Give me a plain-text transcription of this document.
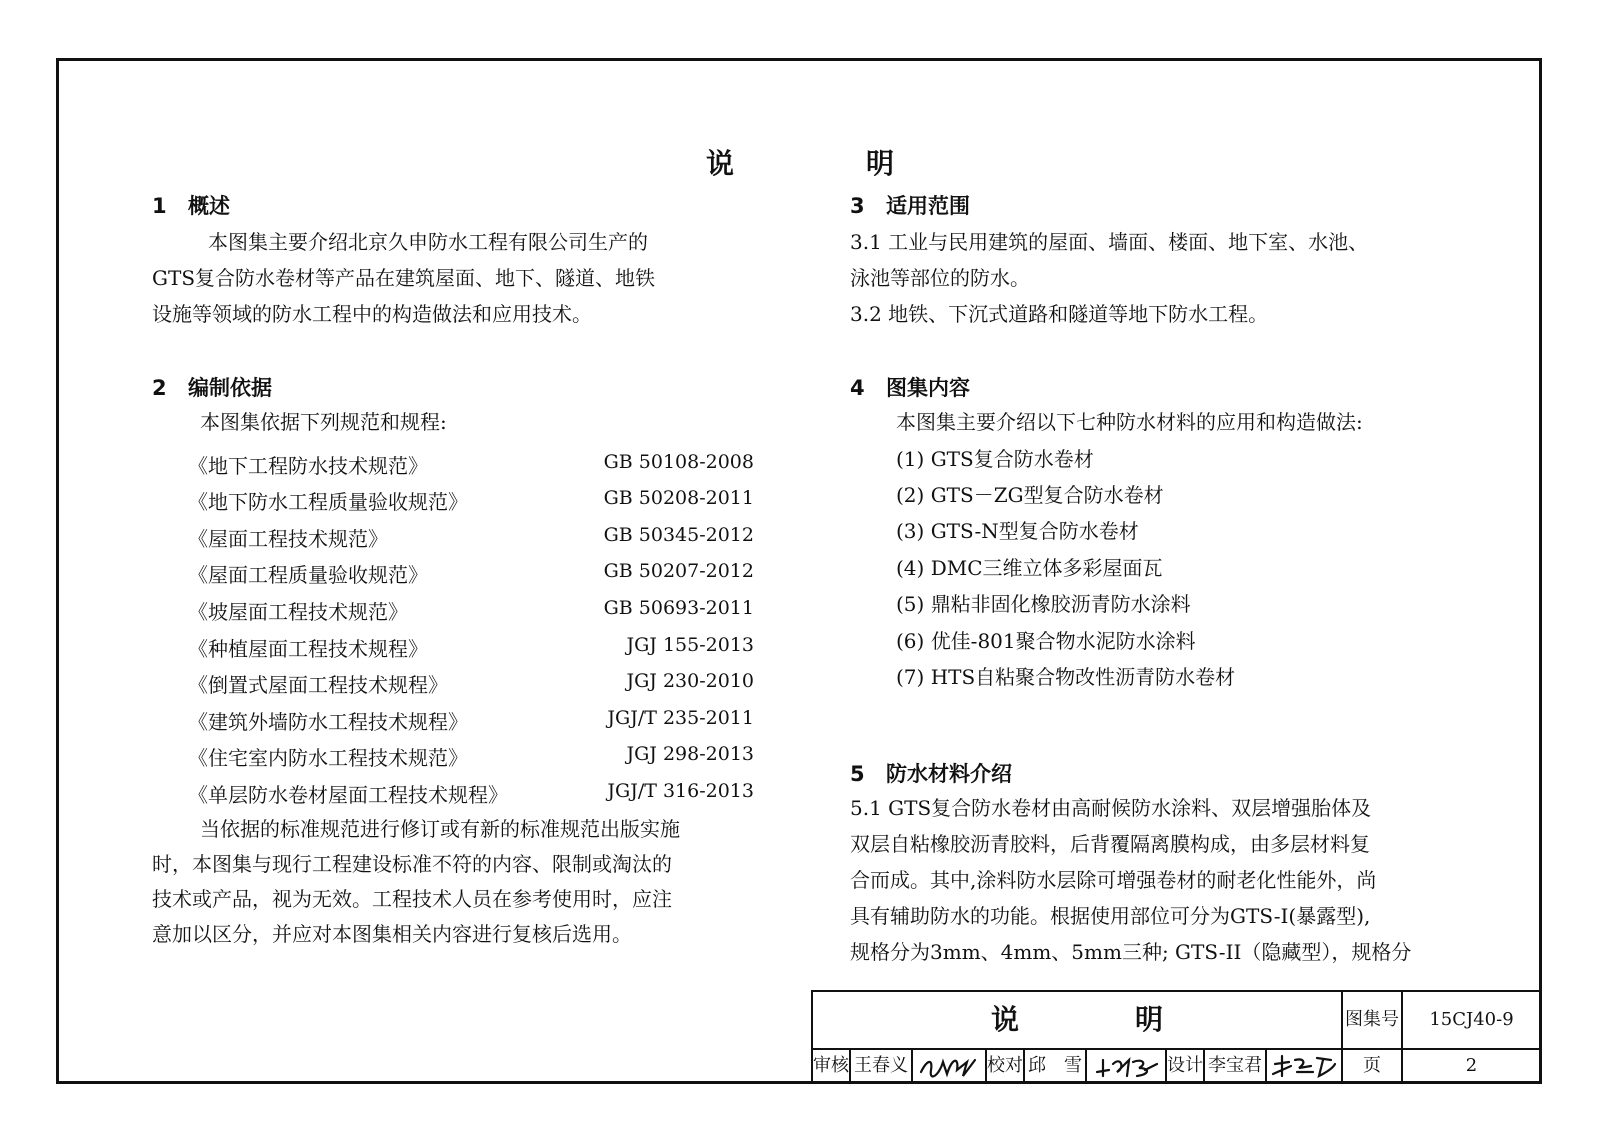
说　明
1 概述
本图集主要介绍北京久申防水工程有限公司生产的
GTS复合防水卷材等产品在建筑屋面、地下、隧道、地铁
设施等领域的防水工程中的构造做法和应用技术。
2 编制依据
本图集依据下列规范和规程:
《地下工程防水技术规范》	GB 50108-2008
《地下防水工程质量验收规范》	GB 50208-2011
《屋面工程技术规范》	GB 50345-2012
《屋面工程质量验收规范》	GB 50207-2012
《坡屋面工程技术规范》	GB 50693-2011
《种植屋面工程技术规程》	JGJ 155-2013
《倒置式屋面工程技术规程》	JGJ 230-2010
《建筑外墙防水工程技术规程》	JGJ/T 235-2011
《住宅室内防水工程技术规范》	JGJ 298-2013
《单层防水卷材屋面工程技术规程》	JGJ/T 316-2013
当依据的标准规范进行修订或有新的标准规范出版实施
时，本图集与现行工程建设标准不符的内容、限制或淘汰的
技术或产品，视为无效。工程技术人员在参考使用时，应注
意加以区分，并应对本图集相关内容进行复核后选用。
3 适用范围
3.1 工业与民用建筑的屋面、墙面、楼面、地下室、水池、
泳池等部位的防水。
3.2 地铁、下沉式道路和隧道等地下防水工程。
4 图集内容
本图集主要介绍以下七种防水材料的应用和构造做法:
(1) GTS复合防水卷材
(2) GTS－ZG型复合防水卷材
(3) GTS-N型复合防水卷材
(4) DMC三维立体多彩屋面瓦
(5) 鼎粘非固化橡胶沥青防水涂料
(6) 优佳-801聚合物水泥防水涂料
(7) HTS自粘聚合物改性沥青防水卷材
5 防水材料介绍
5.1 GTS复合防水卷材由高耐候防水涂料、双层增强胎体及
双层自粘橡胶沥青胶料，后背覆隔离膜构成，由多层材料复
合而成。其中,涂料防水层除可增强卷材的耐老化性能外，尚
具有辅助防水的功能。根据使用部位可分为GTS-I(暴露型),
规格分为3mm、4mm、5mm三种; GTS-II（隐藏型），规格分
说　明	图集号	15CJ40-9
审核 王春义	校对 邱　雪	设计 李宝君	页	2
